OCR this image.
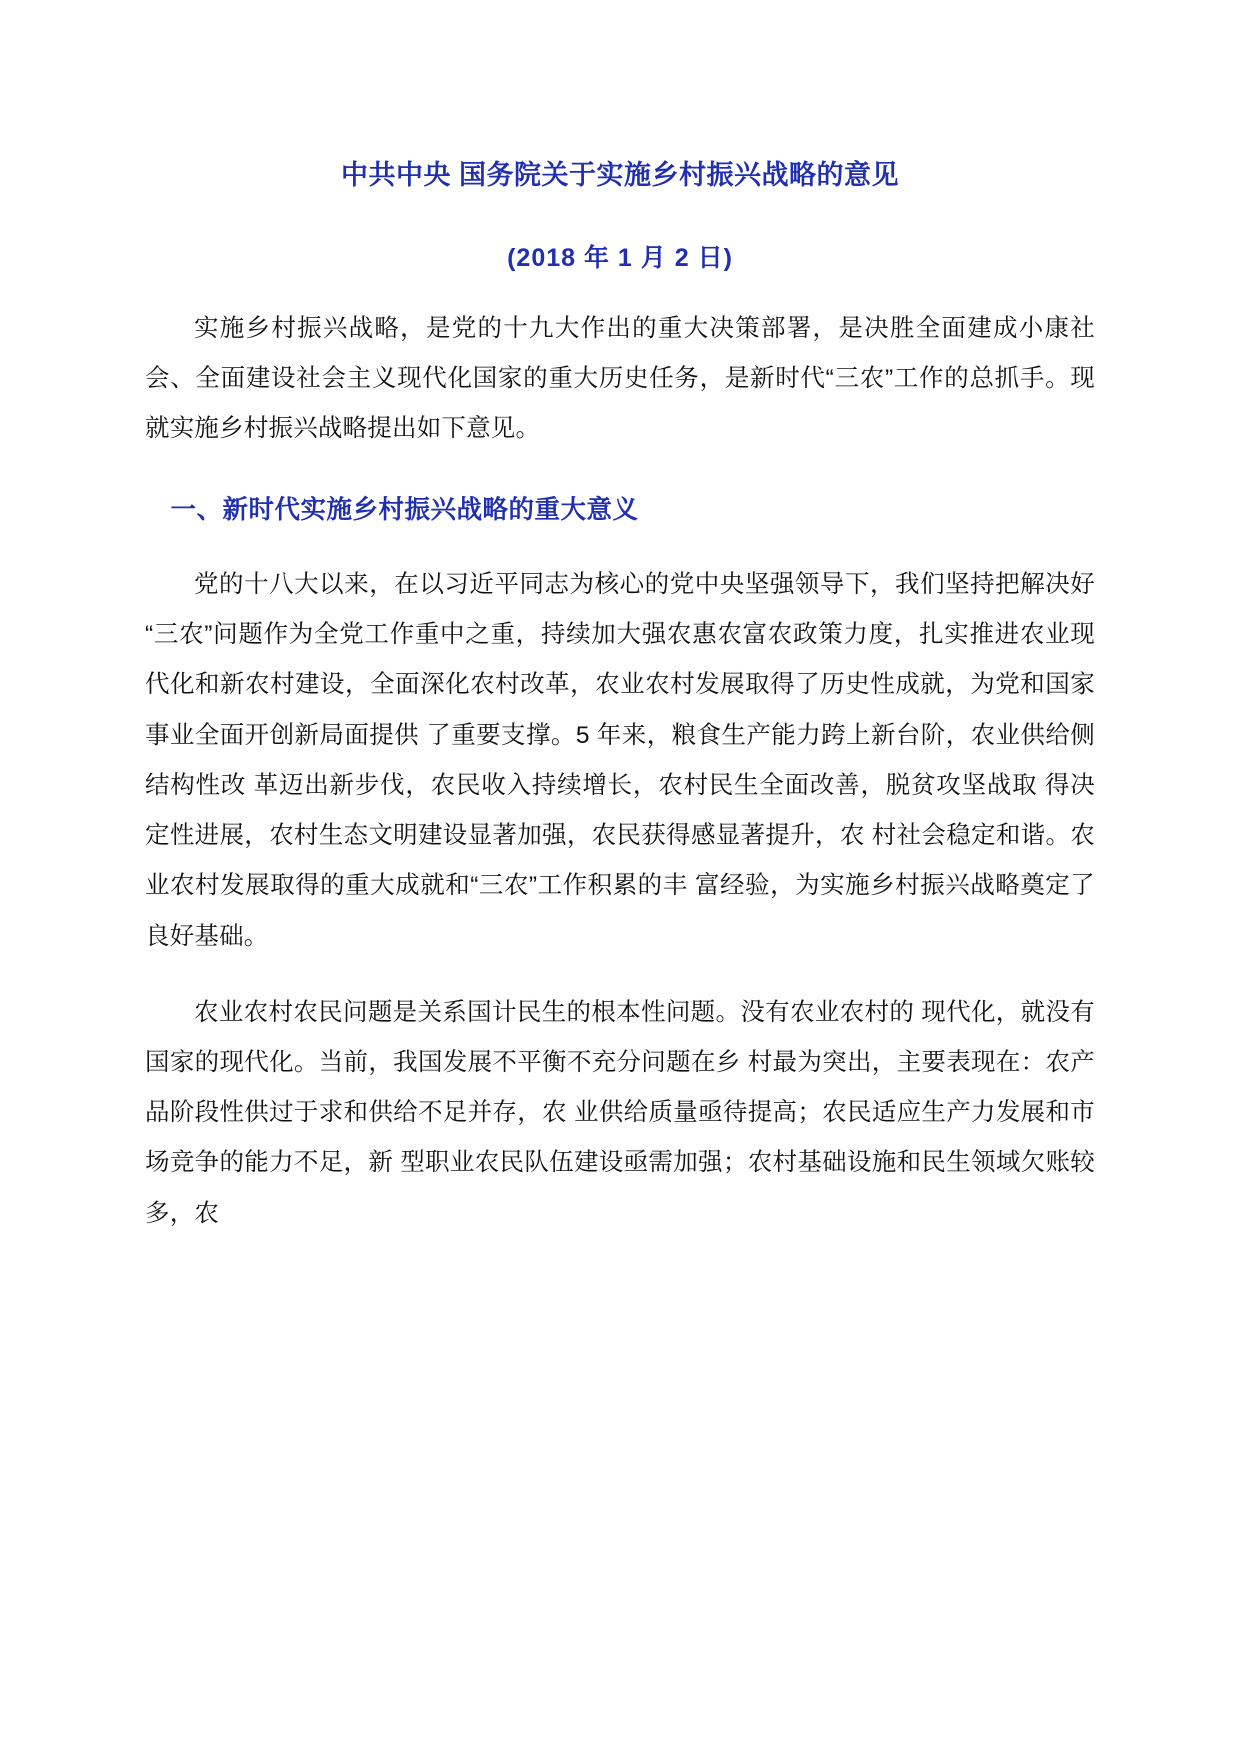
中共中央 国务院关于实施乡村振兴战略的意见
(2018 年 1 月 2 日)

实施乡村振兴战略，是党的十九大作出的重大决策部署，是决胜全面建成小康社会、全面建设社会主义现代化国家的重大历史任务，是新时代“三农”工作的总抓手。现就实施乡村振兴战略提出如下意见。

一、新时代实施乡村振兴战略的重大意义

党的十八大以来，在以习近平同志为核心的党中央坚强领导下，我们坚持把解决好“三农”问题作为全党工作重中之重，持续加大强农惠农富农政策力度，扎实推进农业现代化和新农村建设，全面深化农村改革，农业农村发展取得了历史性成就，为党和国家事业全面开创新局面提供 了重要支撑。5 年来，粮食生产能力跨上新台阶，农业供给侧结构性改 革迈出新步伐，农民收入持续增长，农村民生全面改善，脱贫攻坚战取 得决定性进展，农村生态文明建设显著加强，农民获得感显著提升，农 村社会稳定和谐。农业农村发展取得的重大成就和“三农”工作积累的丰 富经验，为实施乡村振兴战略奠定了良好基础。

农业农村农民问题是关系国计民生的根本性问题。没有农业农村的 现代化，就没有国家的现代化。当前，我国发展不平衡不充分问题在乡 村最为突出，主要表现在：农产品阶段性供过于求和供给不足并存，农 业供给质量亟待提高；农民适应生产力发展和市场竞争的能力不足，新 型职业农民队伍建设亟需加强；农村基础设施和民生领域欠账较多，农
